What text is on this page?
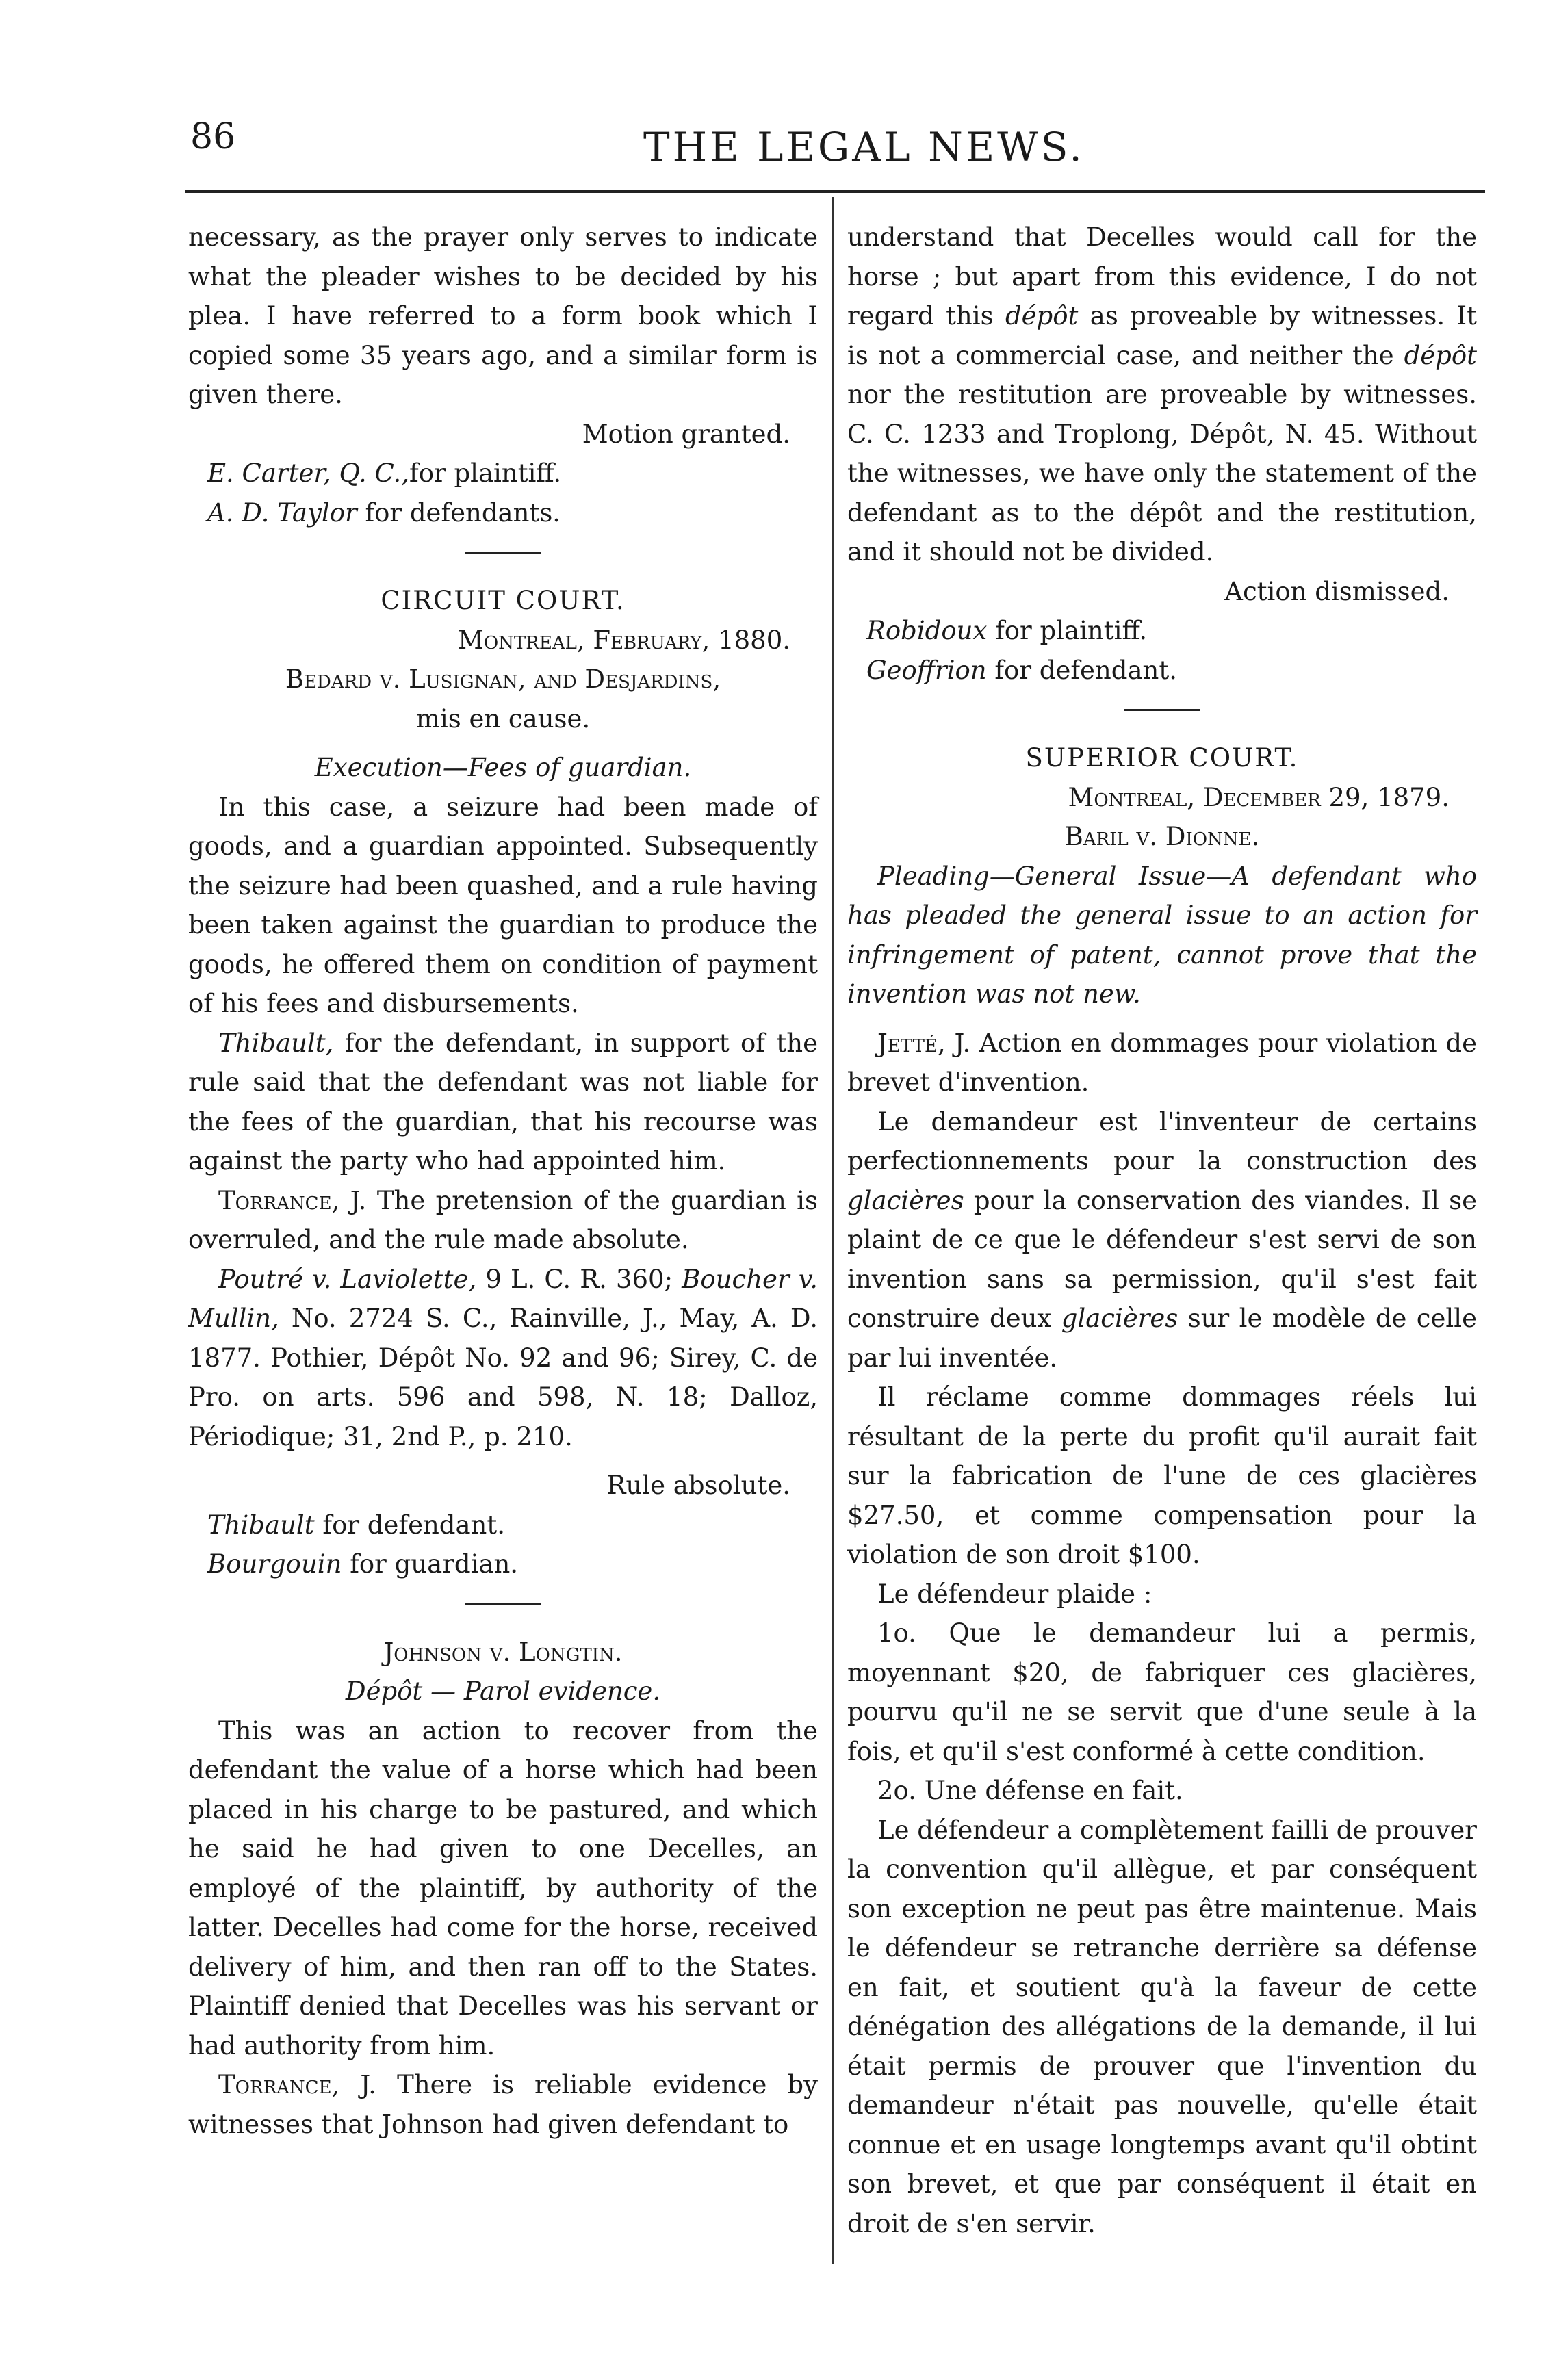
86	THE LEGAL NEWS.

necessary, as the prayer only serves to indicate what the pleader wishes to be decided by his plea. I have referred to a form book which I copied some 35 years ago, and a similar form is given there.

Motion granted.

E. Carter, Q. C.,for plaintiff.

A. D. Taylor for defendants.

CIRCUIT COURT.

Montreal, February, 1880.

Bedard v. Lusignan, and Desjardins,

mis en cause.

Execution—Fees of guardian.

In this case, a seizure had been made of goods, and a guardian appointed. Subsequently the seizure had been quashed, and a rule having been taken against the guardian to produce the goods, he offered them on condition of payment of his fees and disbursements.

Thibault, for the defendant, in support of the rule said that the defendant was not liable for the fees of the guardian, that his recourse was against the party who had appointed him.

Torrance, J. The pretension of the guardian is overruled, and the rule made absolute.

Poutré v. Laviolette, 9 L. C. R. 360; Boucher v. Mullin, No. 2724 S. C., Rainville, J., May, A. D. 1877. Pothier, Dépôt No. 92 and 96; Sirey, C. de Pro. on arts. 596 and 598, N. 18; Dalloz, Périodique; 31, 2nd P., p. 210.

Rule absolute.

Thibault for defendant.

Bourgouin for guardian.

Johnson v. Longtin.

Dépôt — Parol evidence.

This was an action to recover from the defendant the value of a horse which had been placed in his charge to be pastured, and which he said he had given to one Decelles, an employé of the plaintiff, by authority of the latter. Decelles had come for the horse, received delivery of him, and then ran off to the States. Plaintiff denied that Decelles was his servant or had authority from him.

Torrance, J. There is reliable evidence by witnesses that Johnson had given defendant to

understand that Decelles would call for the horse ; but apart from this evidence, I do not regard this dépôt as proveable by witnesses. It is not a commercial case, and neither the dépôt nor the restitution are proveable by witnesses. C. C. 1233 and Troplong, Dépôt, N. 45. Without the witnesses, we have only the statement of the defendant as to the dépôt and the restitution, and it should not be divided.

Action dismissed.

Robidoux for plaintiff.

Geoffrion for defendant.

SUPERIOR COURT.

Montreal, December 29, 1879.

Baril v. Dionne.

Pleading—General Issue—A defendant who has pleaded the general issue to an action for infringement of patent, cannot prove that the invention was not new.

Jetté, J. Action en dommages pour violation de brevet d'invention.

Le demandeur est l'inventeur de certains perfectionnements pour la construction des glacières pour la conservation des viandes. Il se plaint de ce que le défendeur s'est servi de son invention sans sa permission, qu'il s'est fait construire deux glacières sur le modèle de celle par lui inventée.

Il réclame comme dommages réels lui résultant de la perte du profit qu'il aurait fait sur la fabrication de l'une de ces glacières $27.50, et comme compensation pour la violation de son droit $100.

Le défendeur plaide :

1o. Que le demandeur lui a permis, moyennant $20, de fabriquer ces glacières, pourvu qu'il ne se servit que d'une seule à la fois, et qu'il s'est conformé à cette condition.

2o. Une défense en fait.

Le défendeur a complètement failli de prouver la convention qu'il allègue, et par conséquent son exception ne peut pas être maintenue. Mais le défendeur se retranche derrière sa défense en fait, et soutient qu'à la faveur de cette dénégation des allégations de la demande, il lui était permis de prouver que l'invention du demandeur n'était pas nouvelle, qu'elle était connue et en usage longtemps avant qu'il obtint son brevet, et que par conséquent il était en droit de s'en servir.
